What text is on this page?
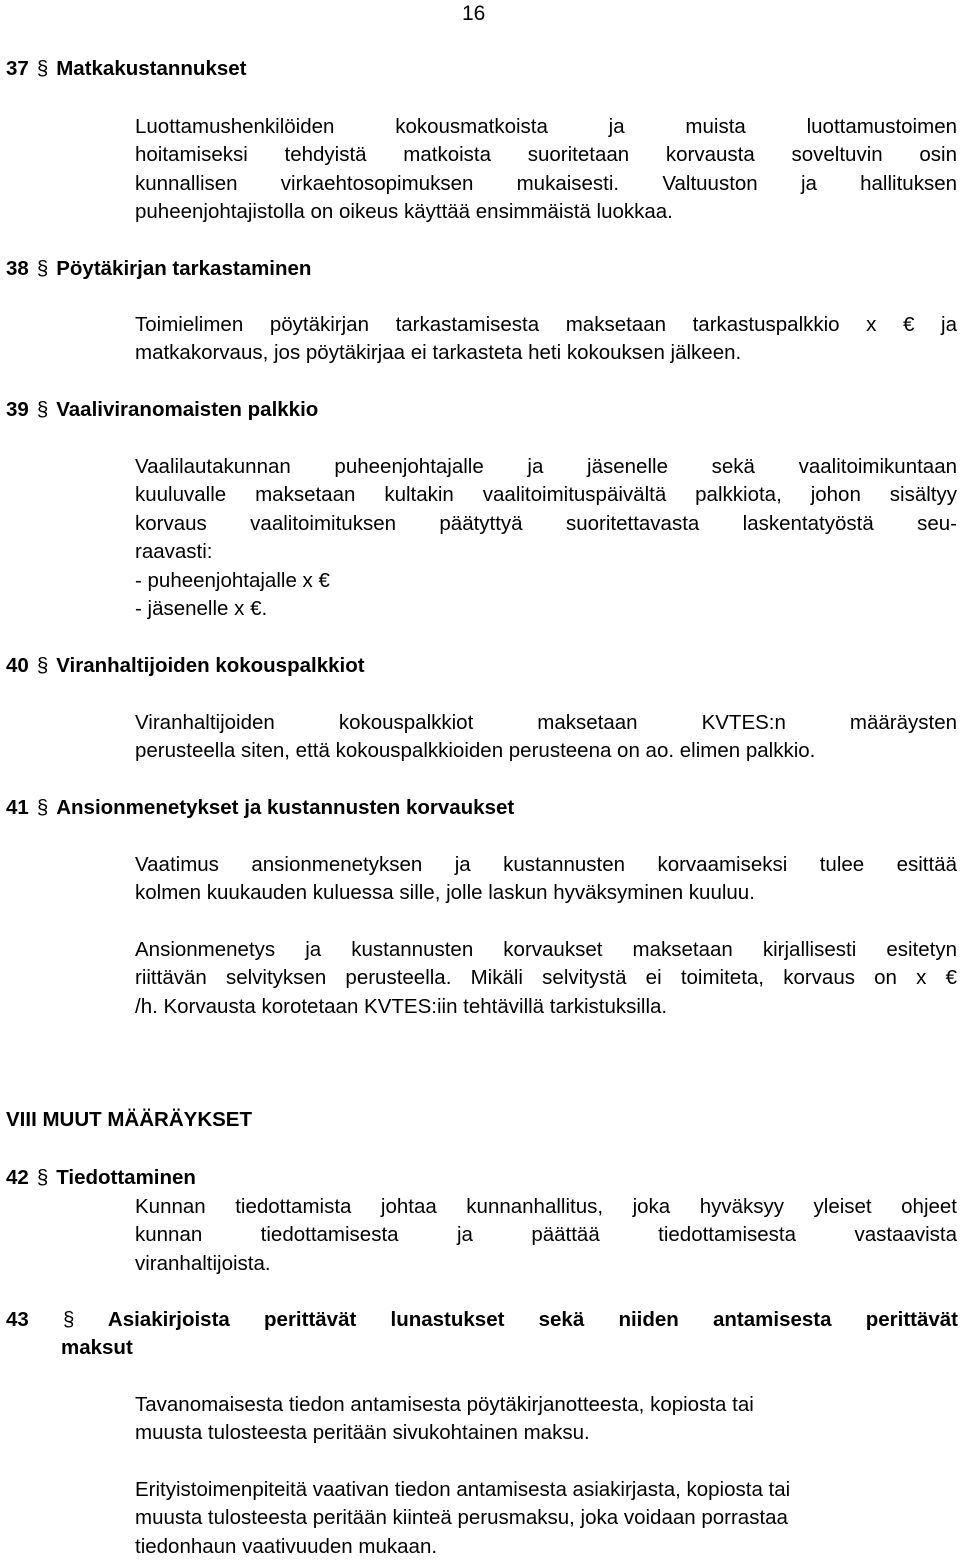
16
37 § Matkakustannukset
Luottamushenkilöiden kokousmatkoista ja muista luottamustoimen
hoitamiseksi tehdyistä matkoista suoritetaan korvausta soveltuvin osin
kunnallisen virkaehtosopimuksen mukaisesti. Valtuuston ja hallituksen
puheenjohtajistolla on oikeus käyttää ensimmäistä luokkaa.
38 § Pöytäkirjan tarkastaminen
Toimielimen pöytäkirjan tarkastamisesta maksetaan tarkastuspalkkio x € ja
matkakorvaus, jos pöytäkirjaa ei tarkasteta heti kokouksen jälkeen.
39 § Vaaliviranomaisten palkkio
Vaalilautakunnan puheenjohtajalle ja jäsenelle sekä vaalitoimikuntaan
kuuluvalle maksetaan kultakin vaalitoimituspäivältä palkkiota, johon sisältyy
korvaus vaalitoimituksen päätyttyä suoritettavasta laskentatyöstä seu-
raavasti:
- puheenjohtajalle x €
- jäsenelle x €.
40 § Viranhaltijoiden kokouspalkkiot
Viranhaltijoiden kokouspalkkiot maksetaan KVTES:n määräysten
perusteella siten, että kokouspalkkioiden perusteena on ao. elimen palkkio.
41 § Ansionmenetykset ja kustannusten korvaukset
Vaatimus ansionmenetyksen ja kustannusten korvaamiseksi tulee esittää
kolmen kuukauden kuluessa sille, jolle laskun hyväksyminen kuuluu.
Ansionmenetys ja kustannusten korvaukset maksetaan kirjallisesti esitetyn
riittävän selvityksen perusteella. Mikäli selvitystä ei toimiteta, korvaus on x €
/h. Korvausta korotetaan KVTES:iin tehtävillä tarkistuksilla.
VIII MUUT MÄÄRÄYKSET
42 § Tiedottaminen
Kunnan tiedottamista johtaa kunnanhallitus, joka hyväksyy yleiset ohjeet
kunnan tiedottamisesta ja päättää tiedottamisesta vastaavista
viranhaltijoista.
43 § Asiakirjoista perittävät lunastukset sekä niiden antamisesta perittävät
maksut
Tavanomaisesta tiedon antamisesta pöytäkirjanotteesta, kopiosta tai
muusta tulosteesta peritään sivukohtainen maksu.
Erityistoimenpiteitä vaativan tiedon antamisesta asiakirjasta, kopiosta tai
muusta tulosteesta peritään kiinteä perusmaksu, joka voidaan porrastaa
tiedonhaun vaativuuden mukaan.
